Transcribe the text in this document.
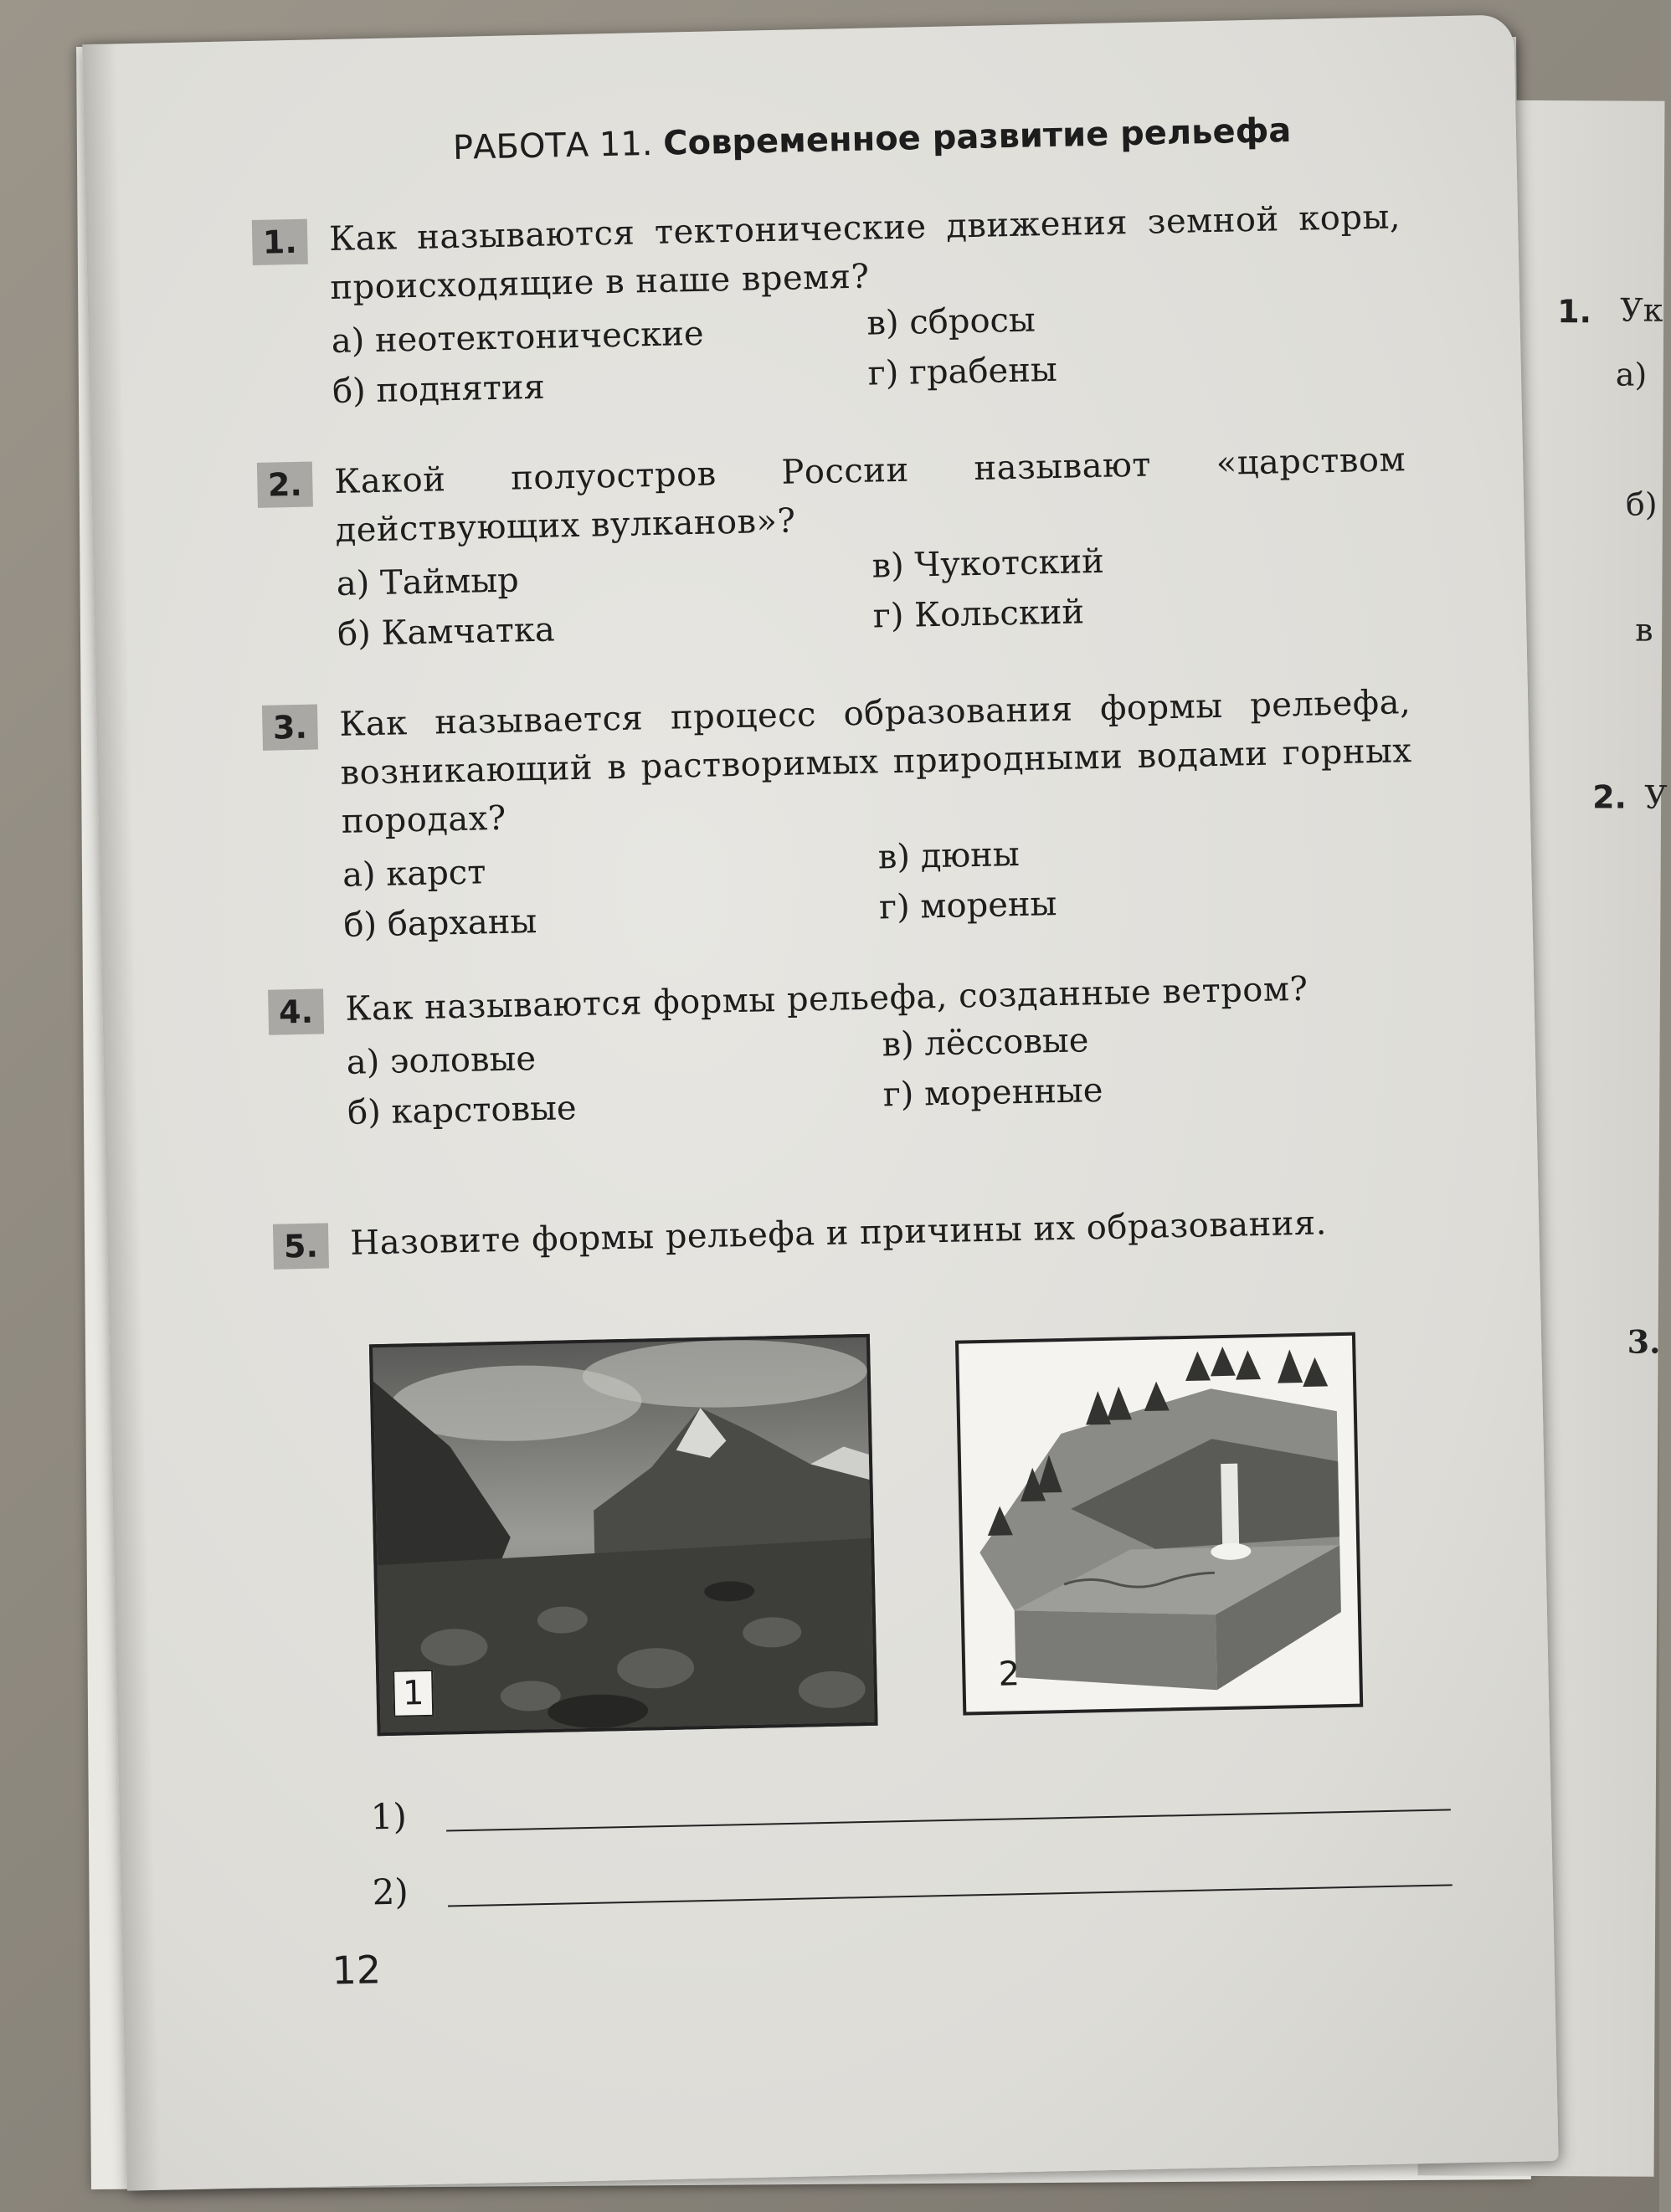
1. Ук
а)
б)
в
2. У
3.
РАБОТА 11. Современное развитие рельефа
1. Как называются тектонические движения земной коры, происходящие в наше время?
а) неотектонические
б) поднятия
в) сбросы
г) грабены
2. Какой полуостров России называют «царством действующих вулканов»?
а) Таймыр
б) Камчатка
в) Чукотский
г) Кольский
3. Как называется процесс образования формы рельефа, возникающий в растворимых природными водами горных породах?
а) карст
б) барханы
в) дюны
г) морены
4. Как называются формы рельефа, созданные ветром?
а) эоловые
б) карстовые
в) лёссовые
г) моренные
5. Назовите формы рельефа и причины их образования.
1	2
1)
2)
12
